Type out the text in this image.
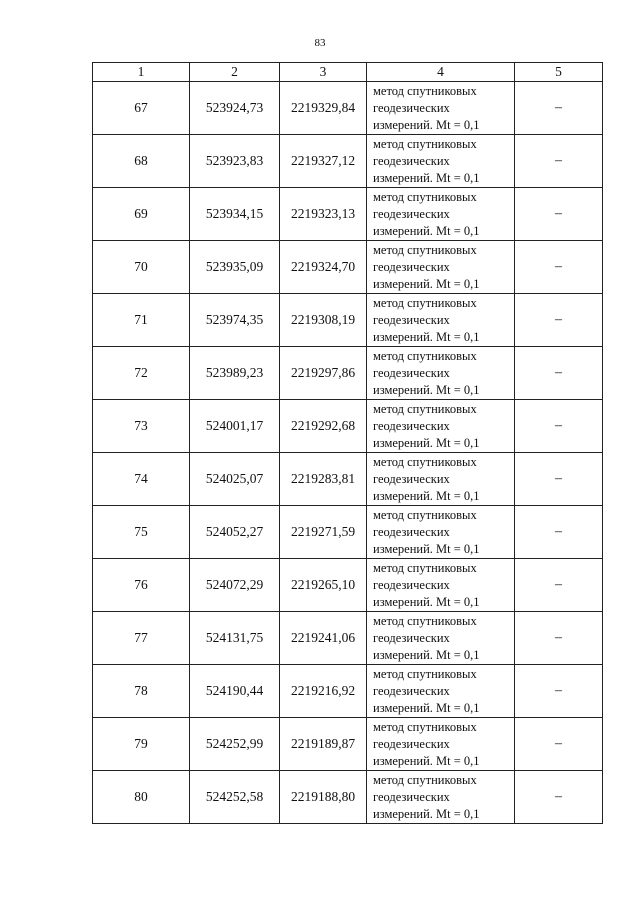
83
1	2	3	4	5
67	523924,73	2219329,84	метод спутниковых
геодезических
измерений. Mt = 0,1	–
68	523923,83	2219327,12	метод спутниковых
геодезических
измерений. Mt = 0,1	–
69	523934,15	2219323,13	метод спутниковых
геодезических
измерений. Mt = 0,1	–
70	523935,09	2219324,70	метод спутниковых
геодезических
измерений. Mt = 0,1	–
71	523974,35	2219308,19	метод спутниковых
геодезических
измерений. Mt = 0,1	–
72	523989,23	2219297,86	метод спутниковых
геодезических
измерений. Mt = 0,1	–
73	524001,17	2219292,68	метод спутниковых
геодезических
измерений. Mt = 0,1	–
74	524025,07	2219283,81	метод спутниковых
геодезических
измерений. Mt = 0,1	–
75	524052,27	2219271,59	метод спутниковых
геодезических
измерений. Mt = 0,1	–
76	524072,29	2219265,10	метод спутниковых
геодезических
измерений. Mt = 0,1	–
77	524131,75	2219241,06	метод спутниковых
геодезических
измерений. Mt = 0,1	–
78	524190,44	2219216,92	метод спутниковых
геодезических
измерений. Mt = 0,1	–
79	524252,99	2219189,87	метод спутниковых
геодезических
измерений. Mt = 0,1	–
80	524252,58	2219188,80	метод спутниковых
геодезических
измерений. Mt = 0,1	–
